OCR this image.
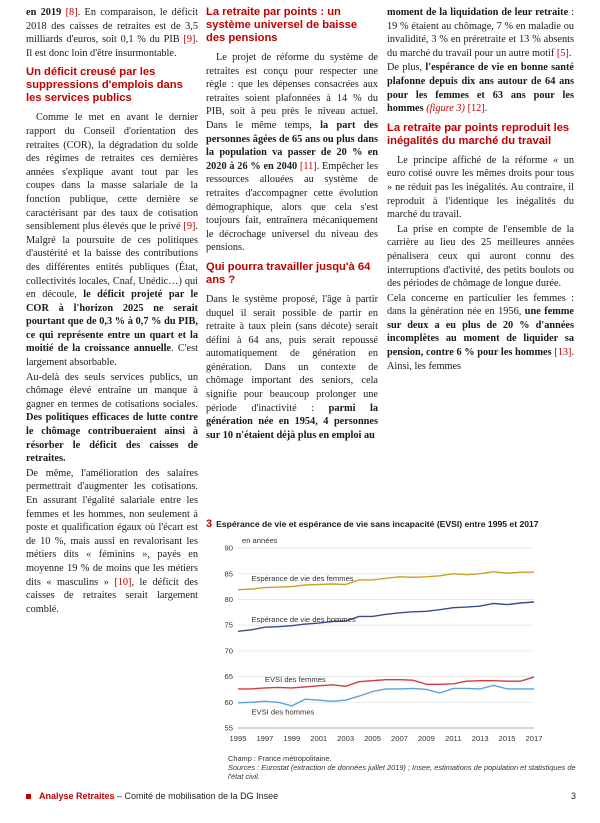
en 2019 [8]. En comparaison, le déficit 2018 des caisses de retraites est de 3,5 milliards d'euros, soit 0,1 % du PIB [9]. Il est donc loin d'être insurmontable.

Un déficit creusé par les suppressions d'emplois dans les services publics

Comme le met en avant le dernier rapport du Conseil d'orientation des retraites (COR), la dégradation du solde des régimes de retraites ces dernières années s'explique avant tout par les coupes dans la masse salariale de la fonction publique, cette dernière se caractérisant par des taux de cotisation sensiblement plus élevés que le privé [9]. Malgré la poursuite de ces politiques d'austérité et la baisse des contributions des différentes entités publiques (État, collectivités locales, Cnaf, Unédic…) qui en découle, le déficit projeté par le COR à l'horizon 2025 ne serait pourtant que de 0,3 % à 0,7 % du PIB, ce qui représente entre un quart et la moitié de la croissance annuelle. C'est largement absorbable.

Au-delà des seuls services publics, un chômage élevé entraîne un manque à gagner en termes de cotisations sociales. Des politiques efficaces de lutte contre le chômage contribueraient ainsi à résorber le déficit des caisses de retraites.

De même, l'amélioration des salaires permettrait d'augmenter les cotisations. En assurant l'égalité salariale entre les femmes et les hommes, non seulement à poste et qualification égaux où l'écart est de 10 %, mais aussi en revalorisant les métiers dits « féminins », payés en moyenne 19 % de moins que les métiers dits « masculins » [10], le déficit des caisses de retraites serait largement comblé.

La retraite par points : un système universel de baisse des pensions

Le projet de réforme du système de retraites est conçu pour respecter une règle : que les dépenses consacrées aux retraites soient plafonnées à 14 % du PIB, soit à peu près le niveau actuel. Dans le même temps, la part des personnes âgées de 65 ans ou plus dans la population va passer de 20 % en 2020 à 26 % en 2040 [11]. Empêcher les ressources allouées au système de retraites d'accompagner cette évolution démographique, alors que cela s'est toujours fait, entraînera mécaniquement le décrochage universel du niveau des pensions.

Qui pourra travailler jusqu'à 64 ans ?

Dans le système proposé, l'âge à partir duquel il serait possible de partir en retraite à taux plein (sans décote) serait défini à 64 ans, puis serait repoussé automatiquement de génération en génération. Dans un contexte de chômage important des seniors, cela signifie pour beaucoup prolonger une période d'inactivité : parmi la génération née en 1954, 4 personnes sur 10 n'étaient déjà plus en emploi au

moment de la liquidation de leur retraite : 19 % étaient au chômage, 7 % en maladie ou invalidité, 3 % en préretraite et 13 % absents du marché du travail pour un autre motif [5].

De plus, l'espérance de vie en bonne santé plafonne depuis dix ans autour de 64 ans pour les femmes et 63 ans pour les hommes (figure 3) [12].

La retraite par points reproduit les inégalités du marché du travail

Le principe affiché de la réforme « un euro cotisé ouvre les mêmes droits pour tous » ne réduit pas les inégalités. Au contraire, il reproduit à l'identique les inégalités du marché du travail.

La prise en compte de l'ensemble de la carrière au lieu des 25 meilleures années pénalisera ceux qui auront connu des interruptions d'activité, des petits boulots ou des périodes de chômage de longue durée.

Cela concerne en particulier les femmes : dans la génération née en 1956, une femme sur deux a eu plus de 20 % d'années incomplètes au moment de liquider sa pension, contre 6 % pour les hommes [13]. Ainsi, les femmes

3 Espérance de vie et espérance de vie sans incapacité (EVSI) entre 1995 et 2017
55
60
65
70
75
80
85
90
1995 1997 1999 2001 2003 2005 2007 2009 2011 2013 2015 2017
Espérance de vie des femmes
Espérance de vie des hommes
EVSI des femmes
EVSI des hommes
en années
Champ : France métropolitaine.
Sources : Eurostat (extraction de données juillet 2019) ; Insee, estimations de population et statistiques de l'état civil.
Analyse Retraites – Comité de mobilisation de la DG Insee	3
